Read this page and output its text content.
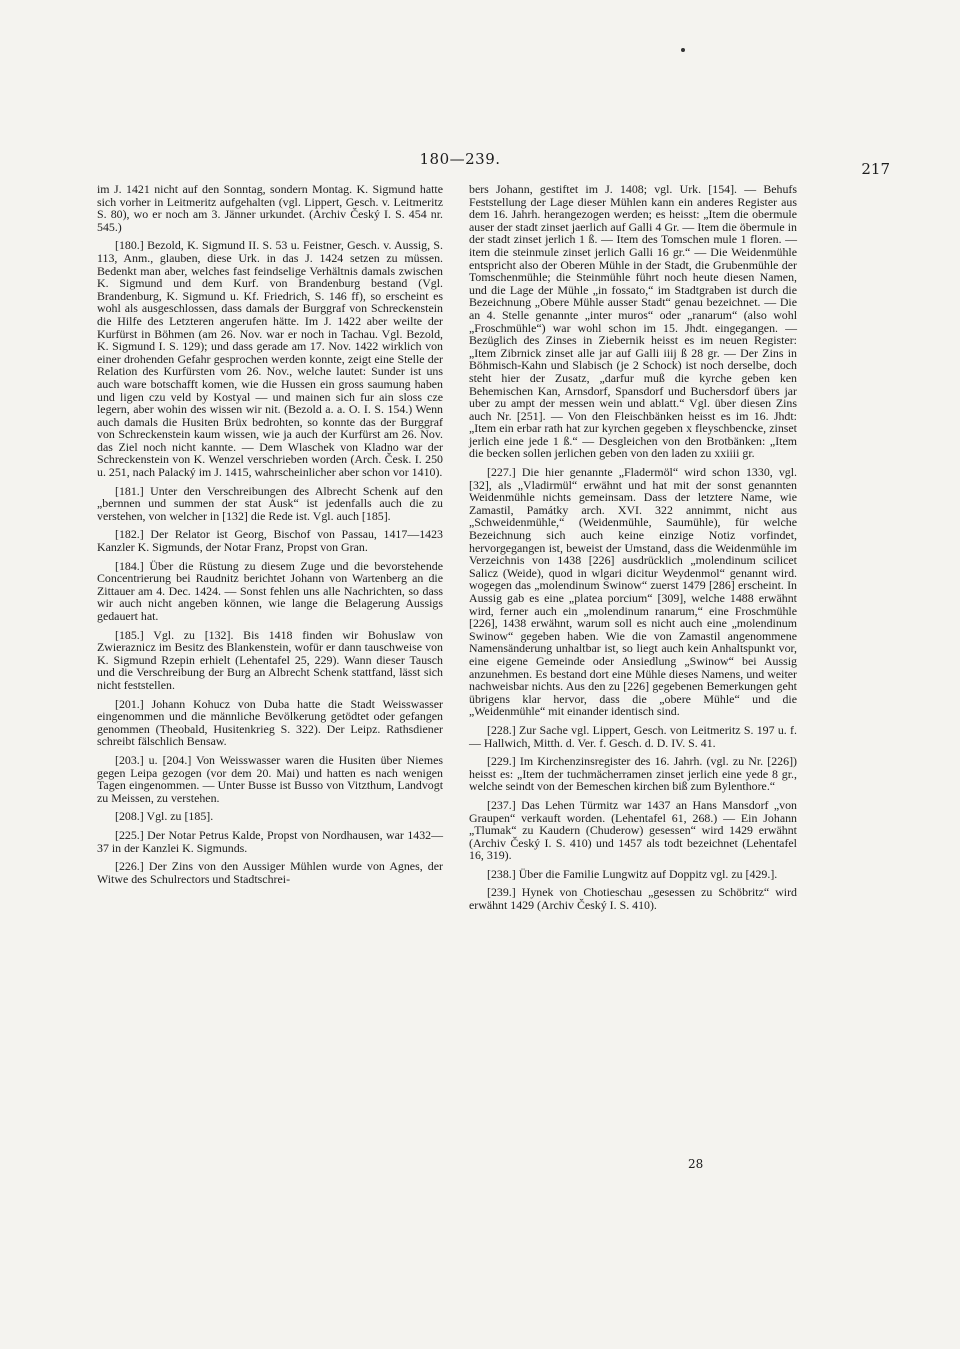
180—239.
217

im J. 1421 nicht auf den Sonntag, sondern Montag. K. Sigmund hatte sich vorher in Leitmeritz aufgehalten (vgl. Lippert, Gesch. v. Leitmeritz S. 80), wo er noch am 3. Jänner urkundet. (Archiv Český I. S. 454 nr. 545.)

[180.] Bezold, K. Sigmund II. S. 53 u. Feistner, Gesch. v. Aussig, S. 113, Anm., glauben, diese Urk. in das J. 1424 setzen zu müssen. Bedenkt man aber, welches fast feindselige Verhältnis damals zwischen K. Sigmund und dem Kurf. von Brandenburg bestand (Vgl. Brandenburg, K. Sigmund u. Kf. Friedrich, S. 146 ff), so erscheint es wohl als ausgeschlossen, dass damals der Burggraf von Schreckenstein die Hilfe des Letzteren angerufen hätte. Im J. 1422 aber weilte der Kurfürst in Böhmen (am 26. Nov. war er noch in Tachau. Vgl. Bezold, K. Sigmund I. S. 129); und dass gerade am 17. Nov. 1422 wirklich von einer drohenden Gefahr gesprochen werden konnte, zeigt eine Stelle der Relation des Kurfürsten vom 26. Nov., welche lautet: Sunder ist uns auch ware botschafft komen, wie die Hussen ein gross saumung haben und ligen czu veld by Kostyal — und mainen sich fur ain sloss cze legern, aber wohin des wissen wir nit. (Bezold a. a. O. I. S. 154.) Wenn auch damals die Husiten Brüx bedrohten, so konnte das der Burggraf von Schreckenstein kaum wissen, wie ja auch der Kurfürst am 26. Nov. das Ziel noch nicht kannte. — Dem Wlaschek von Kladno war der Schreckenstein von K. Wenzel verschrieben worden (Arch. Česk. I. 250 u. 251, nach Palacký im J. 1415, wahrscheinlicher aber schon vor 1410).

[181.] Unter den Verschreibungen des Albrecht Schenk auf den „bernnen und summen der stat Ausk“ ist jedenfalls auch die zu verstehen, von welcher in [132] die Rede ist. Vgl. auch [185].

[182.] Der Relator ist Georg, Bischof von Passau, 1417—1423 Kanzler K. Sigmunds, der Notar Franz, Propst von Gran.

[184.] Über die Rüstung zu diesem Zuge und die bevorstehende Concentrierung bei Raudnitz berichtet Johann von Wartenberg an die Zittauer am 4. Dec. 1424. — Sonst fehlen uns alle Nachrichten, so dass wir auch nicht angeben können, wie lange die Belagerung Aussigs gedauert hat.

[185.] Vgl. zu [132]. Bis 1418 finden wir Bohuslaw von Zwieraznicz im Besitz des Blankenstein, wofür er dann tauschweise von K. Sigmund Rzepin erhielt (Lehentafel 25, 229). Wann dieser Tausch und die Verschreibung der Burg an Albrecht Schenk stattfand, lässt sich nicht feststellen.

[201.] Johann Kohucz von Duba hatte die Stadt Weisswasser eingenommen und die männliche Bevölkerung getödtet oder gefangen genommen (Theobald, Husitenkrieg S. 322). Der Leipz. Rathsdiener schreibt fälschlich Bensaw.

[203.] u. [204.] Von Weisswasser waren die Husiten über Niemes gegen Leipa gezogen (vor dem 20. Mai) und hatten es nach wenigen Tagen eingenommen. — Unter Busse ist Busso von Vitzthum, Landvogt zu Meissen, zu verstehen.

[208.] Vgl. zu [185].

[225.] Der Notar Petrus Kalde, Propst von Nordhausen, war 1432—37 in der Kanzlei K. Sigmunds.

[226.] Der Zins von den Aussiger Mühlen wurde von Agnes, der Witwe des Schulrectors und Stadtschrei-

bers Johann, gestiftet im J. 1408; vgl. Urk. [154]. — Behufs Feststellung der Lage dieser Mühlen kann ein anderes Register aus dem 16. Jahrh. herangezogen werden; es heisst: „Item die obermule auser der stadt zinset jaerlich auf Galli 4 Gr. — Item die öbermule in der stadt zinset jerlich 1 ß. — Item des Tomschen mule 1 floren. — item die steinmule zinset jerlich Galli 16 gr.“ — Die Weidenmühle entspricht also der Oberen Mühle in der Stadt, die Grubenmühle der Tomschenmühle; die Steinmühle führt noch heute diesen Namen, und die Lage der Mühle „in fossato,“ im Stadtgraben ist durch die Bezeichnung „Obere Mühle ausser Stadt“ genau bezeichnet. — Die an 4. Stelle genannte „inter muros“ oder „ranarum“ (also wohl „Froschmühle“) war wohl schon im 15. Jhdt. eingegangen. — Bezüglich des Zinses in Ziebernik heisst es im neuen Register: „Item Zibrnick zinset alle jar auf Galli iiij ß 28 gr. — Der Zins in Böhmisch-Kahn und Slabisch (je 2 Schock) ist noch derselbe, doch steht hier der Zusatz, „darfur muß die kyrche geben ken Behemischen Kan, Arnsdorf, Spansdorf und Buchersdorf übers jar uber zu ampt der messen wein und ablatt.“ Vgl. über diesen Zins auch Nr. [251]. — Von den Fleischbänken heisst es im 16. Jhdt: „Item ein erbar rath hat zur kyrchen gegeben x fleyschbencke, zinset jerlich eine jede 1 ß.“ — Desgleichen von den Brotbänken: „Item die becken sollen jerlichen geben von den laden zu xxiiii gr.

[227.] Die hier genannte „Fladermöl“ wird schon 1330, vgl. [32], als „Vladirmül“ erwähnt und hat mit der sonst genannten Weidenmühle nichts gemeinsam. Dass der letztere Name, wie Zamastil, Památky arch. XVI. 322 annimmt, nicht aus „Schweidenmühle,“ (Weidenmühle, Saumühle), für welche Bezeichnung sich auch keine einzige Notiz vorfindet, hervorgegangen ist, beweist der Umstand, dass die Weidenmühle im Verzeichnis von 1438 [226] ausdrücklich „molendinum scilicet Salicz (Weide), quod in wlgari dicitur Weydenmol“ genannt wird. wogegen das „molendinum Swinow“ zuerst 1479 [286] erscheint. In Aussig gab es eine „platea porcium“ [309], welche 1488 erwähnt wird, ferner auch ein „molendinum ranarum,“ eine Froschmühle [226], 1438 erwähnt, warum soll es nicht auch eine „molendinum Swinow“ gegeben haben. Wie die von Zamastil angenommene Namensänderung unhaltbar ist, so liegt auch kein Anhaltspunkt vor, eine eigene Gemeinde oder Ansiedlung „Swinow“ bei Aussig anzunehmen. Es bestand dort eine Mühle dieses Namens, und weiter nachweisbar nichts. Aus den zu [226] gegebenen Bemerkungen geht übrigens klar hervor, dass die „obere Mühle“ und die „Weidenmühle“ mit einander identisch sind.

[228.] Zur Sache vgl. Lippert, Gesch. von Leitmeritz S. 197 u. f. — Hallwich, Mitth. d. Ver. f. Gesch. d. D. IV. S. 41.

[229.] Im Kirchenzinsregister des 16. Jahrh. (vgl. zu Nr. [226]) heisst es: „Item der tuchmächerramen zinset jerlich eine yede 8 gr., welche seindt von der Bemeschen kirchen biß zum Bylenthore.“

[237.] Das Lehen Türmitz war 1437 an Hans Mansdorf „von Graupen“ verkauft worden. (Lehentafel 61, 268.) — Ein Johann „Tlumak“ zu Kaudern (Chuderow) gesessen“ wird 1429 erwähnt (Archiv Český I. S. 410) und 1457 als todt bezeichnet (Lehentafel 16, 319).

[238.] Über die Familie Lungwitz auf Doppitz vgl. zu [429.].

[239.] Hynek von Chotieschau „gesessen zu Schöbritz“ wird erwähnt 1429 (Archiv Český I. S. 410).

28
